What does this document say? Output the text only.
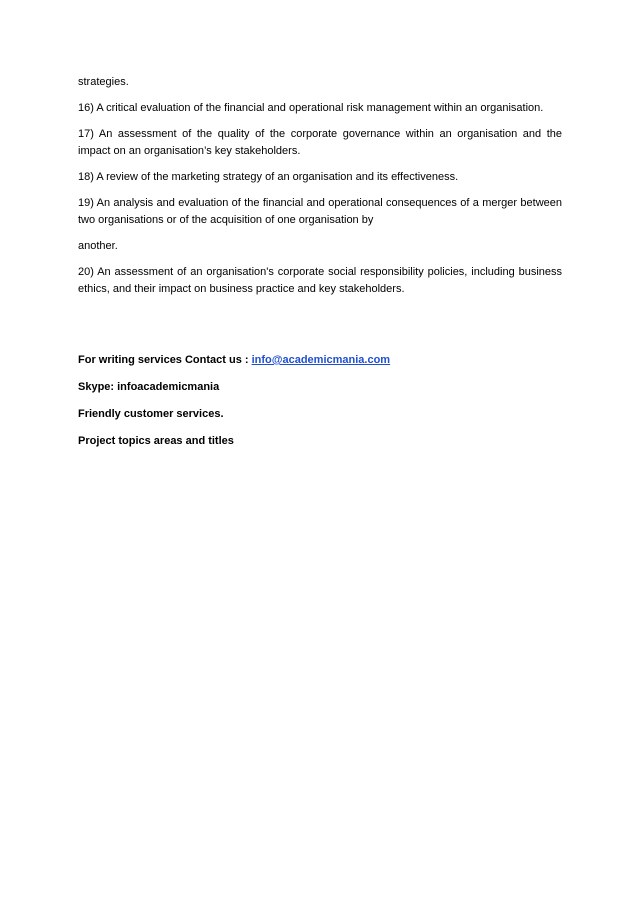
strategies.

16) A critical evaluation of the financial and operational risk management within an organisation.

17) An assessment of the quality of the corporate governance within an organisation and the impact on an organisation’s key stakeholders.

18) A review of the marketing strategy of an organisation and its effectiveness.

19) An analysis and evaluation of the financial and operational consequences of a merger between two organisations or of the acquisition of one organisation by

another.

20) An assessment of an organisation's corporate social responsibility policies, including business ethics, and their impact on business practice and key stakeholders.

For writing services Contact us : info@academicmania.com

Skype: infoacademicmania

Friendly customer services.

Project topics areas and titles
